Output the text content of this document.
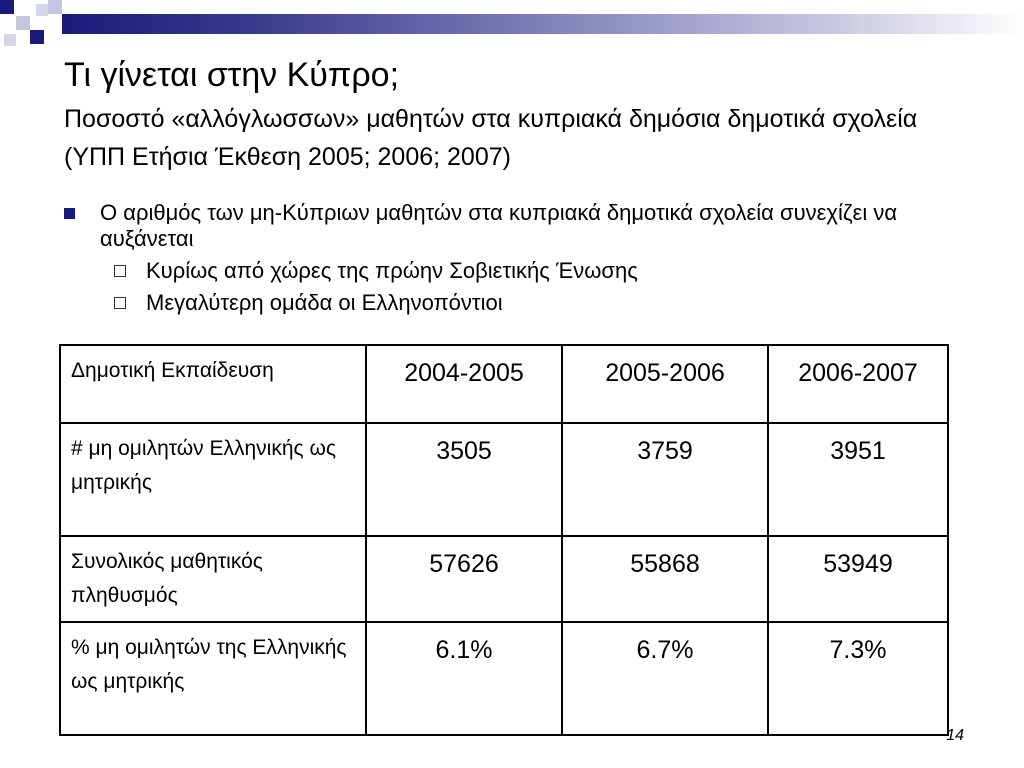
Τι γίνεται στην Κύπρο;
Ποσοστό «αλλόγλωσσων» μαθητών στα κυπριακά δημόσια δημοτικά σχολεία (ΥΠΠ Ετήσια Έκθεση 2005; 2006; 2007)
Ο αριθμός των μη-Κύπριων μαθητών στα κυπριακά δημοτικά σχολεία συνεχίζει να αυξάνεται
Κυρίως από χώρες της πρώην Σοβιετικής Ένωσης
Μεγαλύτερη ομάδα οι Ελληνοπόντιοι
Δημοτική Εκπαίδευση	2004-2005	2005-2006	2006-2007
# μη ομιλητών Ελληνικής ως μητρικής	3505	3759	3951
Συνολικός μαθητικός πληθυσμός	57626	55868	53949
% μη ομιλητών της Ελληνικής ως μητρικής	6.1%	6.7%	7.3%
14
